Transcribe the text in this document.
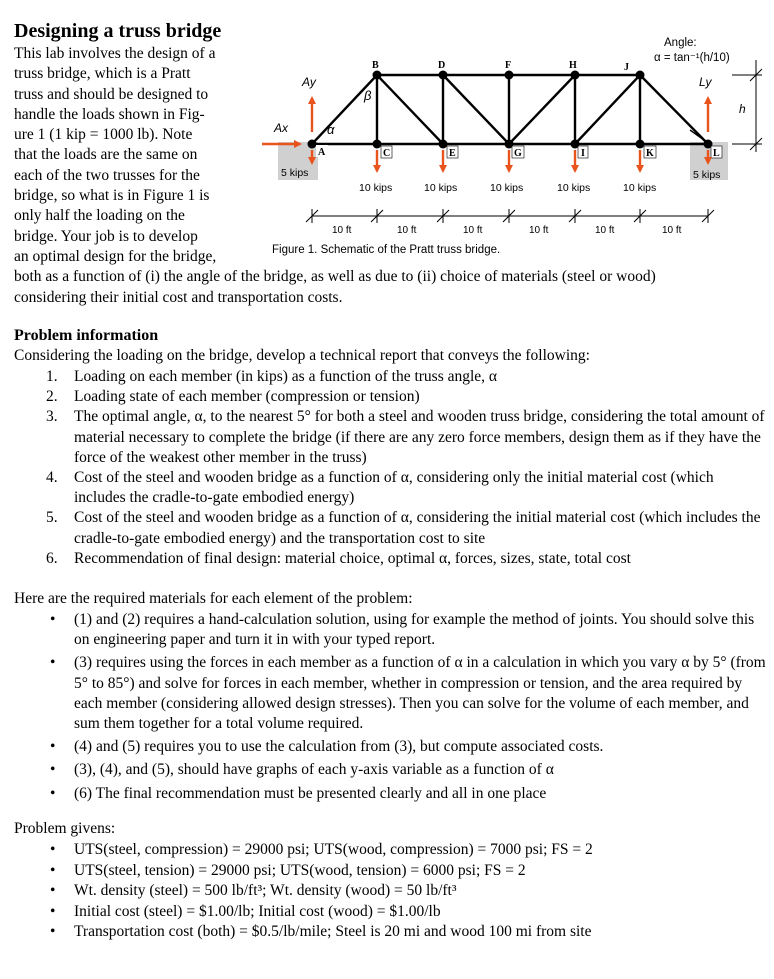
Designing a truss bridge

This lab involves the design of a
truss bridge, which is a Pratt
truss and should be designed to
handle the loads shown in Fig-
ure 1 (1 kip = 1000 lb). Note
that the loads are the same on
each of the two trusses for the
bridge, so what is in Figure 1 is
only half the loading on the
bridge. Your job is to develop
an optimal design for the bridge,
both as a function of (i) the angle of the bridge, as well as due to (ii) choice of materials (steel or wood)
considering their initial cost and transportation costs.

B	D	F	H	J
A	C	E	G	I	K	L
Ay
Ax
Ly
α
β
5 kips	5 kips
10 kips	10 kips	10 kips	10 kips	10 kips
10 ft	10 ft	10 ft	10 ft	10 ft	10 ft
h
Angle:
α = tan⁻¹(h/10)
Figure 1. Schematic of the Pratt truss bridge.
Problem information

Considering the loading on the bridge, develop a technical report that conveys the following:

1. Loading on each member (in kips) as a function of the truss angle, α
2. Loading state of each member (compression or tension)
3. The optimal angle, α, to the nearest 5° for both a steel and wooden truss bridge, considering the total amount of material necessary to complete the bridge (if there are any zero force members, design them as if they have the force of the weakest other member in the truss)
4. Cost of the steel and wooden bridge as a function of α, considering only the initial material cost (which includes the cradle-to-gate embodied energy)
5. Cost of the steel and wooden bridge as a function of α, considering the initial material cost (which includes the cradle-to-gate embodied energy) and the transportation cost to site
6. Recommendation of final design: material choice, optimal α, forces, sizes, state, total cost

Here are the required materials for each element of the problem:

• (1) and (2) requires a hand-calculation solution, using for example the method of joints. You should solve this on engineering paper and turn it in with your typed report.
• (3) requires using the forces in each member as a function of α in a calculation in which you vary α by 5° (from 5° to 85°) and solve for forces in each member, whether in compression or tension, and the area required by each member (considering allowed design stresses). Then you can solve for the volume of each member, and sum them together for a total volume required.
• (4) and (5) requires you to use the calculation from (3), but compute associated costs.
• (3), (4), and (5), should have graphs of each y-axis variable as a function of α
• (6) The final recommendation must be presented clearly and all in one place

Problem givens:

• UTS(steel, compression) = 29000 psi; UTS(wood, compression) = 7000 psi; FS = 2
• UTS(steel, tension) = 29000 psi; UTS(wood, tension) = 6000 psi; FS = 2
• Wt. density (steel) = 500 lb/ft³; Wt. density (wood) = 50 lb/ft³
• Initial cost (steel) = $1.00/lb; Initial cost (wood) = $1.00/lb
• Transportation cost (both) = $0.5/lb/mile; Steel is 20 mi and wood 100 mi from site
